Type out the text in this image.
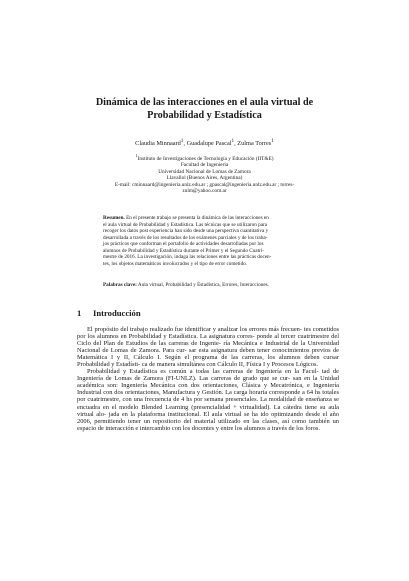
Dinámica de las interacciones en el aula virtual de
Probabilidad y Estadística
Claudia Minnaard$^1$, Guadalupe Pascal$^1$, Zulma Torres$^1$
$^1$Instituto de Investigaciones de Tecnología y Educación (IIT&E)
Facultad de Ingeniería
Universidad Nacional de Lomas de Zamora
Llavallol (Buenos Aires, Argentina)
E-mail: cminnaard@ingenieria.unlz.edu.ar ; gpascal@ingenieria.unlz.edu.ar ; torres-
zulm@yahoo.com.ar
Resumen. En el presente trabajo se presenta la dinámica de las interacciones en
el aula virtual de Probabilidad y Estadística. Las técnicas que se utilizaron para
recoger los datos post experiencia han sido desde una perspectiva cuantitativa y
desarrollada a través de los resultados de los exámenes parciales y de los traba-
jos prácticos que conforman el portafolio de actividades desarrolladas por los
alumnos de Probabilidad y Estadística durante el Primer y el Segundo Cuatri-
mestre de 2016. La investigación, indaga las relaciones entre las prácticas docen-
tes, los objetos matemáticos involucrados y el tipo de error cometido.
Palabras clave: Aula virtual, Probabilidad y Estadística, Errores, Interacciones.
1 Introducción

El propósito del trabajo realizado fue identificar y analizar los errores más frecuen- tes cometidos por los alumnos en Probabilidad y Estadística. La asignatura corres- ponde al tercer cuatrimestre del Ciclo del Plan de Estudios de las carreras de Ingenie- ría Mecánica e Industrial de la Universidad Nacional de Lomas de Zamora. Para cur- sar esta asignatura deben tener conocimientos previos de Matemática I y II, Cálculo I. Según el programa de las carreras, los alumnos deben cursar Probabilidad y Estadísti- ca de manera simultánea con Cálculo II, Física I y Procesos Lógicos.

Probabilidad y Estadística es común a todas las carreras de Ingeniería en la Facul- tad de Ingeniería de Lomas de Zamora (FI-UNLZ). Las carreras de grado que se cur- san en la Unidad académica son: Ingeniería Mecánica con dos orientaciones, Clásica y Mecatrónica, e Ingeniería Industrial con dos orientaciones, Manufactura y Gestión. La carga horaria corresponde a 64 hs totales por cuatrimestre, con una frecuencia de 4 hs por semana presenciales. La modalidad de enseñanza se encuadra en el modelo Blended Learning (presencialidad + virtualidad). La cátedra tiene su aula virtual alo- jada en la plataforma institucional. El aula virtual se ha ido optimizando desde el año 2006, permitiendo tener un repositorio del material utilizado en las clases, así como también un espacio de interacción e intercambio con los docentes y entre los alumnos a través de los foros.
